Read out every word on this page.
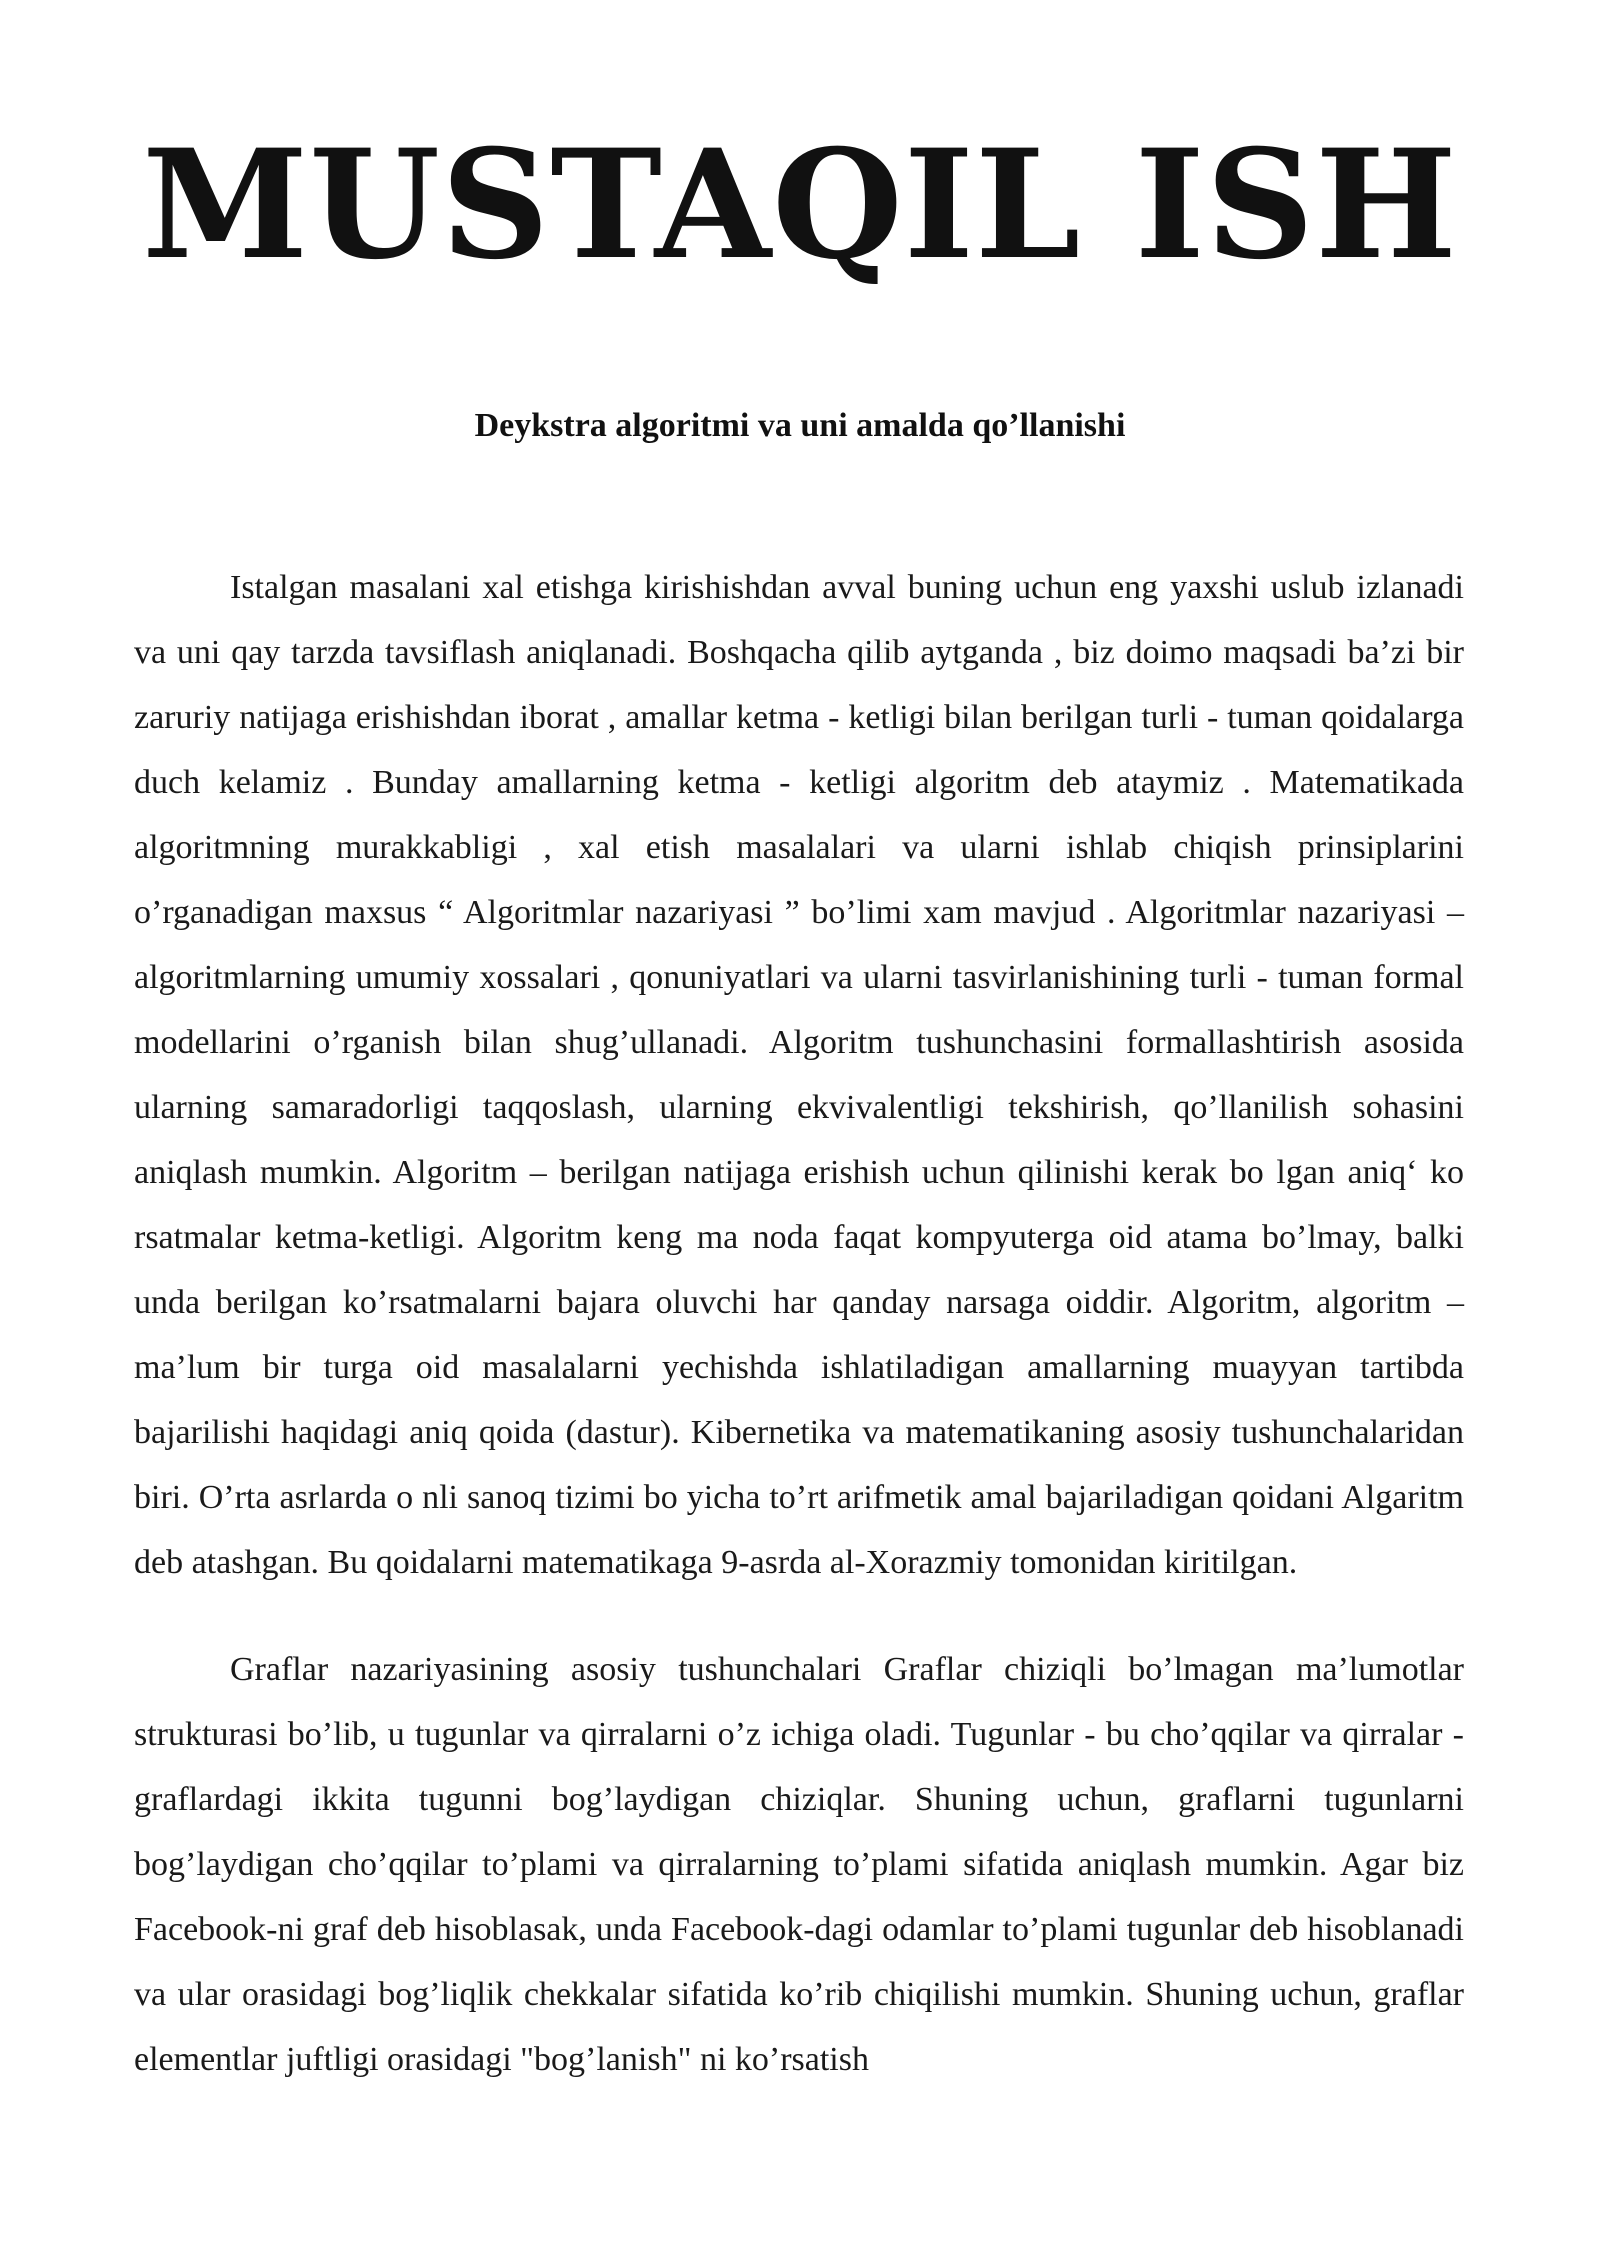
MUSTAQIL ISH
Deykstra algoritmi va uni amalda qo’llanishi

Istalgan masalani xal etishga kirishishdan avval buning uchun eng yaxshi uslub izlanadi va uni qay tarzda tavsiflash aniqlanadi. Boshqacha qilib aytganda , biz doimo maqsadi ba’zi bir zaruriy natijaga erishishdan iborat , amallar ketma - ketligi bilan berilgan turli - tuman qoidalarga duch kelamiz . Bunday amallarning ketma - ketligi algoritm deb ataymiz . Matematikada algoritmning murakkabligi , xal etish masalalari va ularni ishlab chiqish prinsiplarini o’rganadigan maxsus “ Algoritmlar nazariyasi ” bo’limi xam mavjud . Algoritmlar nazariyasi – algoritmlarning umumiy xossalari , qonuniyatlari va ularni tasvirlanishining turli - tuman formal modellarini o’rganish bilan shug’ullanadi. Algoritm tushunchasini formallashtirish asosida ularning samaradorligi taqqoslash, ularning ekvivalentligi tekshirish, qo’llanilish sohasini aniqlash mumkin. Algoritm – berilgan natijaga erishish uchun qilinishi kerak bo lgan aniq‘ ko rsatmalar ketma-ketligi. Algoritm keng ma noda faqat kompyuterga oid atama bo’lmay, balki unda berilgan ko’rsatmalarni bajara oluvchi har qanday narsaga oiddir. Algoritm, algoritm – ma’lum bir turga oid masalalarni yechishda ishlatiladigan amallarning muayyan tartibda bajarilishi haqidagi aniq qoida (dastur). Kibernetika va matematikaning asosiy tushunchalaridan biri. O’rta asrlarda o nli sanoq tizimi bo yicha to’rt arifmetik amal bajariladigan qoidani Algaritm deb atashgan. Bu qoidalarni matematikaga 9-asrda al-Xorazmiy tomonidan kiritilgan.

Graflar nazariyasining asosiy tushunchalari Graflar chiziqli bo’lmagan ma’lumotlar strukturasi bo’lib, u tugunlar va qirralarni o’z ichiga oladi. Tugunlar - bu cho’qqilar va qirralar - graflardagi ikkita tugunni bog’laydigan chiziqlar. Shuning uchun, graflarni tugunlarni bog’laydigan cho’qqilar to’plami va qirralarning to’plami sifatida aniqlash mumkin. Agar biz Facebook-ni graf deb hisoblasak, unda Facebook-dagi odamlar to’plami tugunlar deb hisoblanadi va ular orasidagi bog’liqlik chekkalar sifatida ko’rib chiqilishi mumkin. Shuning uchun, graflar elementlar juftligi orasidagi "bog’lanish" ni ko’rsatish
